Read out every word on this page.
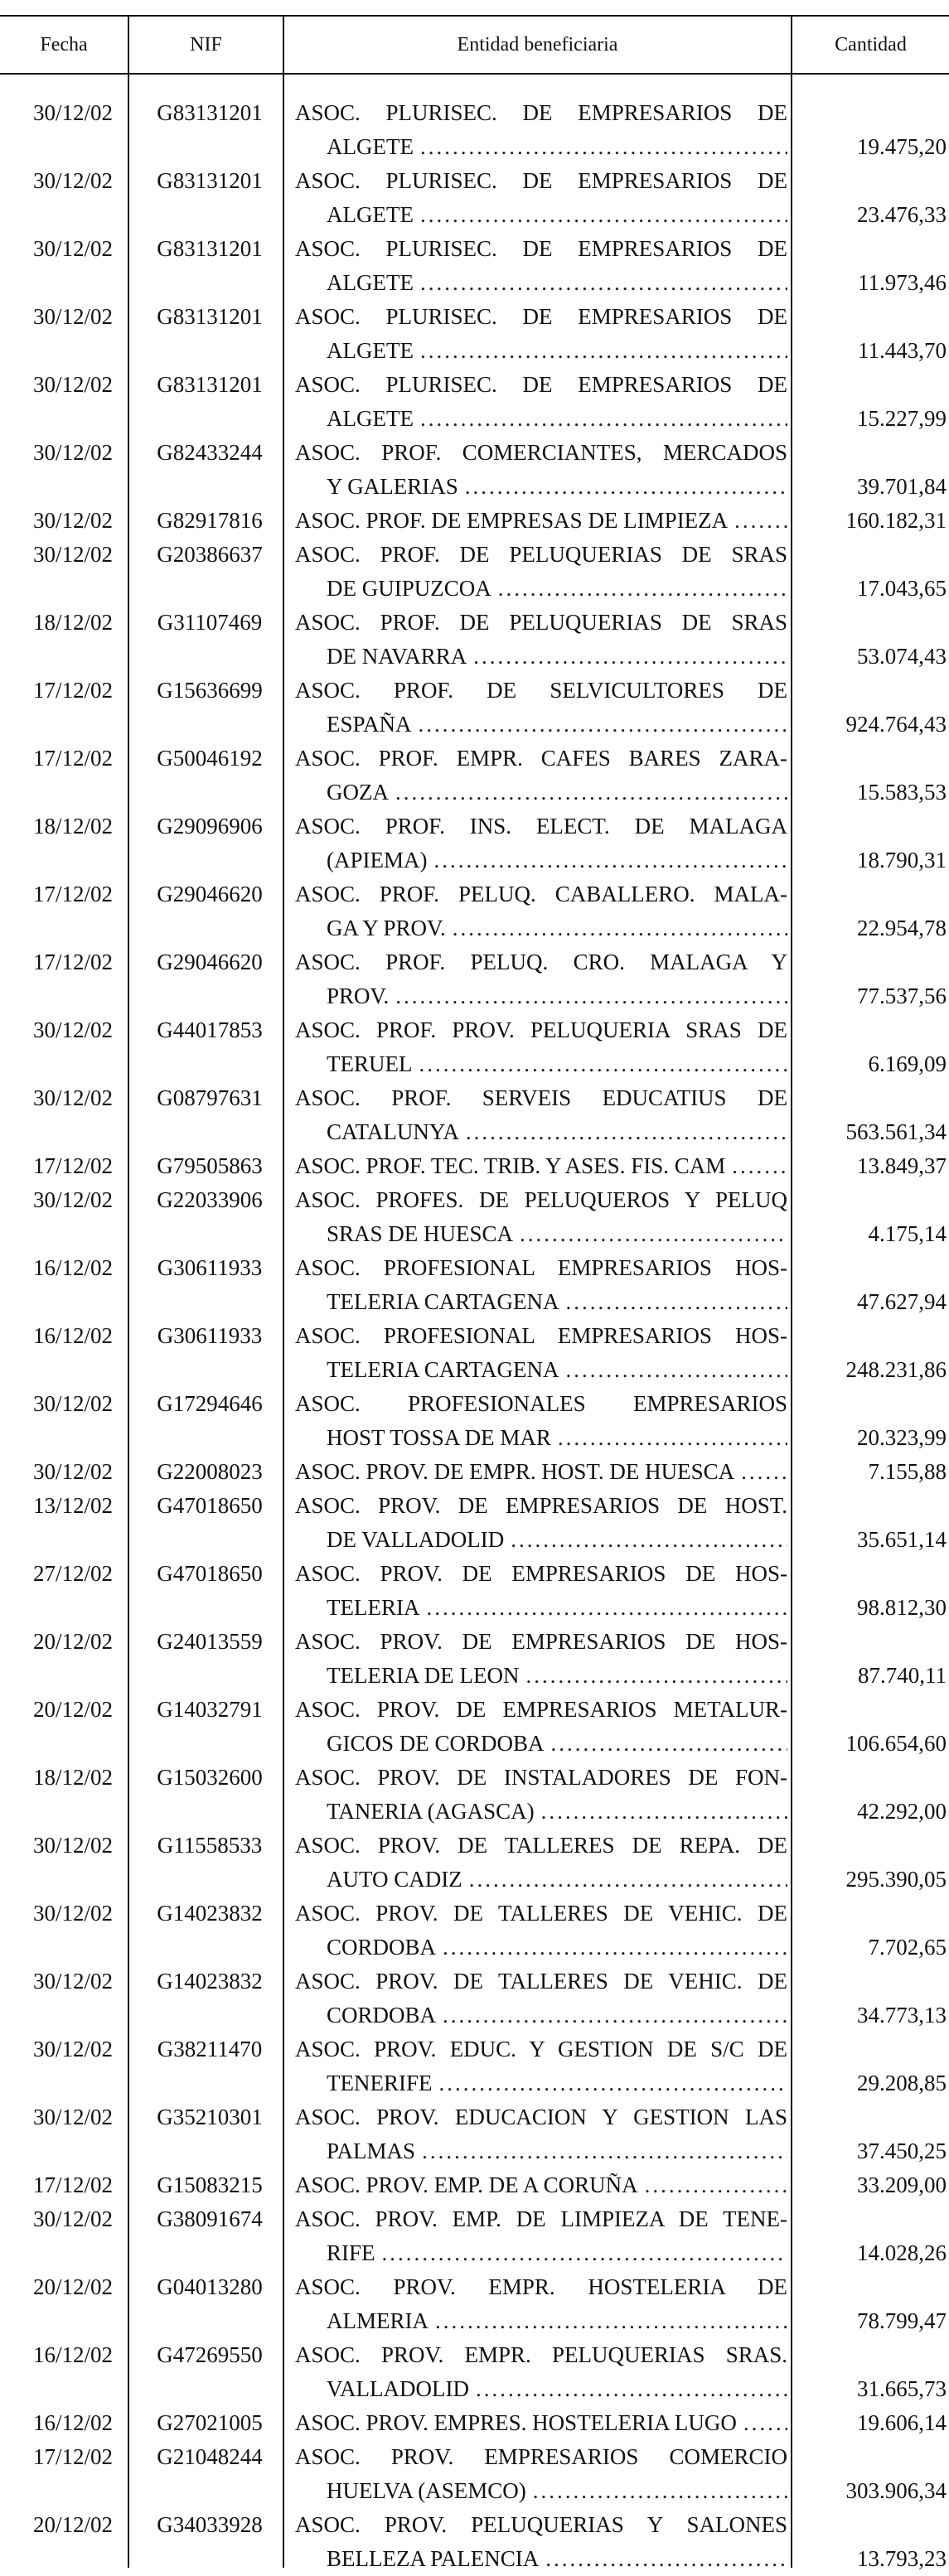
Fecha	NIF	Entidad beneficiaria	Cantidad
30/12/02	G83131201	ASOC. PLURISEC. DE EMPRESARIOS DE
ALGETE .....	19.475,20
30/12/02	G83131201	ASOC. PLURISEC. DE EMPRESARIOS DE
ALGETE .....	23.476,33
30/12/02	G83131201	ASOC. PLURISEC. DE EMPRESARIOS DE
ALGETE .....	11.973,46
30/12/02	G83131201	ASOC. PLURISEC. DE EMPRESARIOS DE
ALGETE .....	11.443,70
30/12/02	G83131201	ASOC. PLURISEC. DE EMPRESARIOS DE
ALGETE .....	15.227,99
30/12/02	G82433244	ASOC. PROF. COMERCIANTES, MERCADOS
Y GALERIAS .....	39.701,84
30/12/02	G82917816	ASOC. PROF. DE EMPRESAS DE LIMPIEZA .....	160.182,31
30/12/02	G20386637	ASOC. PROF. DE PELUQUERIAS DE SRAS
DE GUIPUZCOA .....	17.043,65
18/12/02	G31107469	ASOC. PROF. DE PELUQUERIAS DE SRAS
DE NAVARRA .....	53.074,43
17/12/02	G15636699	ASOC. PROF. DE SELVICULTORES DE
ESPAÑA .....	924.764,43
17/12/02	G50046192	ASOC. PROF. EMPR. CAFES BARES ZARA-
GOZA .....	15.583,53
18/12/02	G29096906	ASOC. PROF. INS. ELECT. DE MALAGA
(APIEMA) .....	18.790,31
17/12/02	G29046620	ASOC. PROF. PELUQ. CABALLERO. MALA-
GA Y PROV. .....	22.954,78
17/12/02	G29046620	ASOC. PROF. PELUQ. CRO. MALAGA Y
PROV. .....	77.537,56
30/12/02	G44017853	ASOC. PROF. PROV. PELUQUERIA SRAS DE
TERUEL .....	6.169,09
30/12/02	G08797631	ASOC. PROF. SERVEIS EDUCATIUS DE
CATALUNYA .....	563.561,34
17/12/02	G79505863	ASOC. PROF. TEC. TRIB. Y ASES. FIS. CAM .....	13.849,37
30/12/02	G22033906	ASOC. PROFES. DE PELUQUEROS Y PELUQ
SRAS DE HUESCA .....	4.175,14
16/12/02	G30611933	ASOC. PROFESIONAL EMPRESARIOS HOS-
TELERIA CARTAGENA .....	47.627,94
16/12/02	G30611933	ASOC. PROFESIONAL EMPRESARIOS HOS-
TELERIA CARTAGENA .....	248.231,86
30/12/02	G17294646	ASOC. PROFESIONALES EMPRESARIOS
HOST TOSSA DE MAR .....	20.323,99
30/12/02	G22008023	ASOC. PROV. DE EMPR. HOST. DE HUESCA .....	7.155,88
13/12/02	G47018650	ASOC. PROV. DE EMPRESARIOS DE HOST.
DE VALLADOLID .....	35.651,14
27/12/02	G47018650	ASOC. PROV. DE EMPRESARIOS DE HOS-
TELERIA .....	98.812,30
20/12/02	G24013559	ASOC. PROV. DE EMPRESARIOS DE HOS-
TELERIA DE LEON .....	87.740,11
20/12/02	G14032791	ASOC. PROV. DE EMPRESARIOS METALUR-
GICOS DE CORDOBA .....	106.654,60
18/12/02	G15032600	ASOC. PROV. DE INSTALADORES DE FON-
TANERIA (AGASCA) .....	42.292,00
30/12/02	G11558533	ASOC. PROV. DE TALLERES DE REPA. DE
AUTO CADIZ .....	295.390,05
30/12/02	G14023832	ASOC. PROV. DE TALLERES DE VEHIC. DE
CORDOBA .....	7.702,65
30/12/02	G14023832	ASOC. PROV. DE TALLERES DE VEHIC. DE
CORDOBA .....	34.773,13
30/12/02	G38211470	ASOC. PROV. EDUC. Y GESTION DE S/C DE
TENERIFE .....	29.208,85
30/12/02	G35210301	ASOC. PROV. EDUCACION Y GESTION LAS
PALMAS .....	37.450,25
17/12/02	G15083215	ASOC. PROV. EMP. DE A CORUÑA .....	33.209,00
30/12/02	G38091674	ASOC. PROV. EMP. DE LIMPIEZA DE TENE-
RIFE .....	14.028,26
20/12/02	G04013280	ASOC. PROV. EMPR. HOSTELERIA DE
ALMERIA .....	78.799,47
16/12/02	G47269550	ASOC. PROV. EMPR. PELUQUERIAS SRAS.
VALLADOLID .....	31.665,73
16/12/02	G27021005	ASOC. PROV. EMPRES. HOSTELERIA LUGO .....	19.606,14
17/12/02	G21048244	ASOC. PROV. EMPRESARIOS COMERCIO
HUELVA (ASEMCO) .....	303.906,34
20/12/02	G34033928	ASOC. PROV. PELUQUERIAS Y SALONES
BELLEZA PALENCIA .....	13.793,23
